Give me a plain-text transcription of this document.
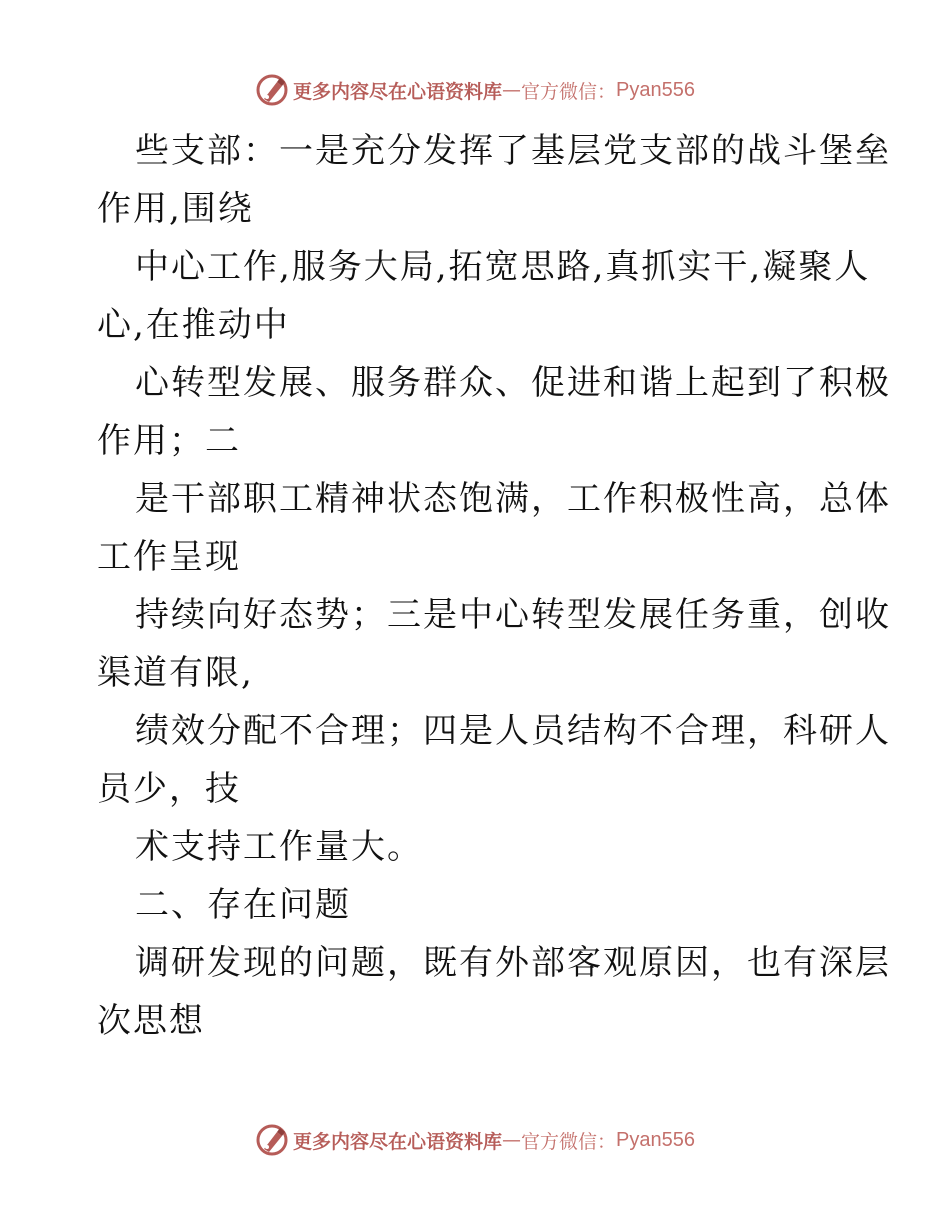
更多内容尽在心语资料库 — 官方微信： Pyan556
些支部：一是充分发挥了基层党支部的战斗堡垒
作用,围绕
中心工作,服务大局,拓宽思路,真抓实干,凝聚人
心,在推动中
心转型发展、服务群众、促进和谐上起到了积极
作用；二
是干部职工精神状态饱满，工作积极性高，总体
工作呈现
持续向好态势；三是中心转型发展任务重，创收
渠道有限,
绩效分配不合理；四是人员结构不合理，科研人
员少，技
术支持工作量大。
二、存在问题
调研发现的问题，既有外部客观原因，也有深层
次思想
更多内容尽在心语资料库 — 官方微信： Pyan556
